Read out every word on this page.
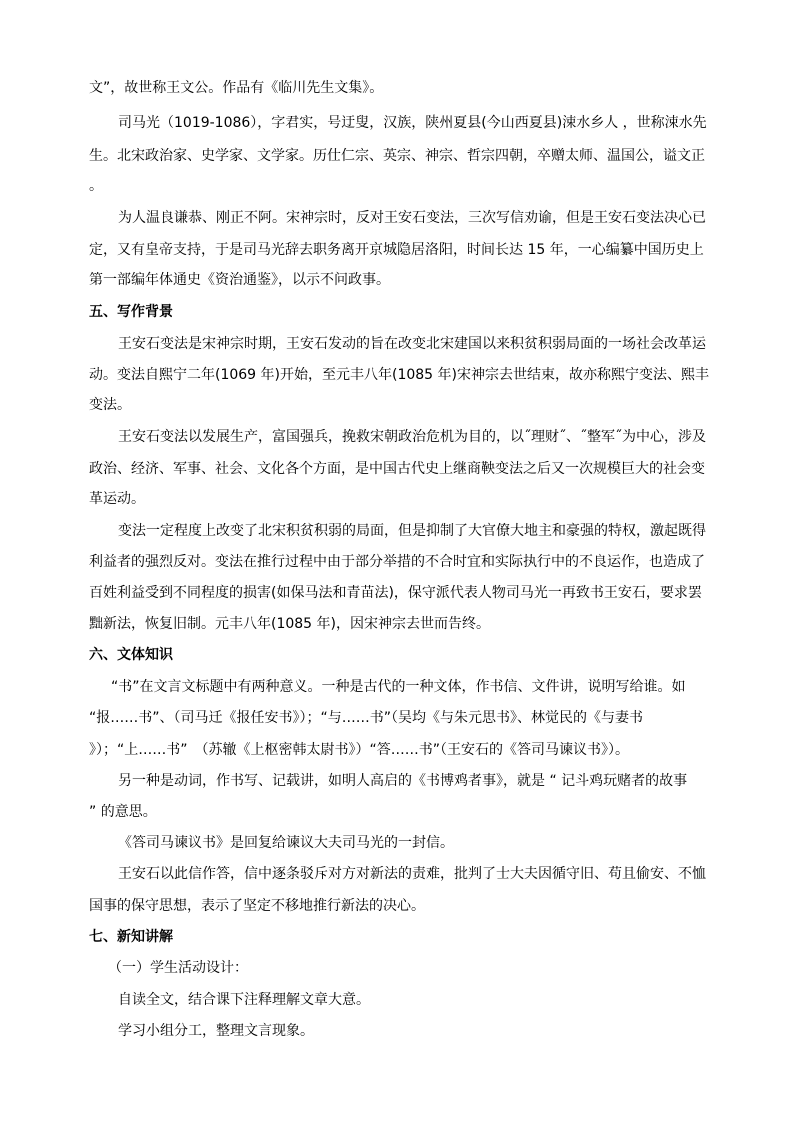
文”，故世称王文公。作品有《临川先生文集》。
司马光（1019-1086），字君实，号迂叟，汉族，陕州夏县(今山西夏县)涑水乡人 ，世称涑水先
生。北宋政治家、史学家、文学家。历仕仁宗、英宗、神宗、哲宗四朝，卒赠太师、温国公，谥文正
。
为人温良谦恭、刚正不阿。宋神宗时，反对王安石变法，三次写信劝谕，但是王安石变法决心已
定，又有皇帝支持，于是司马光辞去职务离开京城隐居洛阳，时间长达 15 年，一心编纂中国历史上
第一部编年体通史《资治通鉴》，以示不问政事。
五、写作背景
王安石变法是宋神宗时期，王安石发动的旨在改变北宋建国以来积贫积弱局面的一场社会改革运
动。变法自熙宁二年(1069 年)开始，至元丰八年(1085 年)宋神宗去世结束，故亦称熙宁变法、熙丰
变法。
王安石变法以发展生产，富国强兵，挽救宋朝政治危机为目的，以˝理财˝、˝整军˝为中心，涉及
政治、经济、军事、社会、文化各个方面，是中国古代史上继商鞅变法之后又一次规模巨大的社会变
革运动。
变法一定程度上改变了北宋积贫积弱的局面，但是抑制了大官僚大地主和豪强的特权，激起既得
利益者的强烈反对。变法在推行过程中由于部分举措的不合时宜和实际执行中的不良运作，也造成了
百姓利益受到不同程度的损害(如保马法和青苗法)，保守派代表人物司马光一再致书王安石，要求罢
黜新法，恢复旧制。元丰八年(1085 年)，因宋神宗去世而告终。
六、文体知识
“书”在文言文标题中有两种意义。一种是古代的一种文体，作书信、文件讲，说明写给谁。如
“报……书”、（司马迁《报任安书》）；“与……书”（吴均《与朱元思书》、林觉民的《与妻书
》）；“上……书”　（苏辙《上枢密韩太尉书》）“答……书”（王安石的《答司马谏议书》）。
另一种是动词，作书写、记载讲，如明人高启的《书博鸡者事》，就是 “ 记斗鸡玩赌者的故事
” 的意思。
《答司马谏议书》是回复给谏议大夫司马光的一封信。
王安石以此信作答，信中逐条驳斥对方对新法的责难，批判了士大夫因循守旧、苟且偷安、不恤
国事的保守思想，表示了坚定不移地推行新法的决心。
七、新知讲解
（一）学生活动设计：
自读全文，结合课下注释理解文章大意。
学习小组分工，整理文言现象。
